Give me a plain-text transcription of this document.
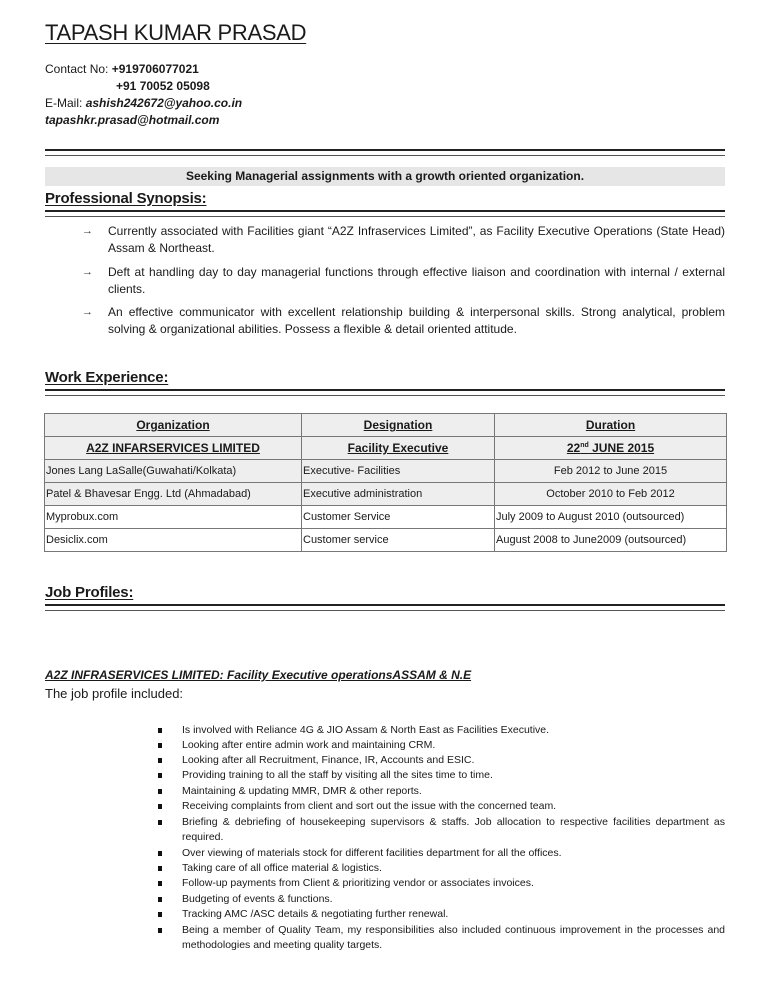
TAPASH KUMAR PRASAD
Contact No: +919706077021
+91 70052 05098
E-Mail: ashish242672@yahoo.co.in
tapashkr.prasad@hotmail.com
Seeking Managerial assignments with a growth oriented organization.
Professional Synopsis:
→ Currently associated with Facilities giant “A2Z Infraservices Limited”, as Facility Executive Operations (State Head) Assam & Northeast.
→ Deft at handling day to day managerial functions through effective liaison and coordination with internal / external clients.
→ An effective communicator with excellent relationship building & interpersonal skills. Strong analytical, problem solving & organizational abilities. Possess a flexible & detail oriented attitude.
Work Experience:
Organization	Designation	Duration
A2Z INFARSERVICES LIMITED	Facility Executive	22nd JUNE 2015
Jones Lang LaSalle(Guwahati/Kolkata)	Executive- Facilities	Feb 2012 to June 2015
Patel & Bhavesar Engg. Ltd (Ahmadabad)	Executive administration	October 2010 to Feb 2012
Myprobux.com	Customer Service	July 2009 to August 2010 (outsourced)
Desiclix.com	Customer service	August 2008 to June2009 (outsourced)
Job Profiles:
A2Z INFRASERVICES LIMITED: Facility Executive operationsASSAM & N.E
The job profile included:
Is involved with Reliance 4G & JIO Assam & North East as Facilities Executive.
Looking after entire admin work and maintaining CRM.
Looking after all Recruitment, Finance, IR, Accounts and ESIC.
Providing training to all the staff by visiting all the sites time to time.
Maintaining & updating MMR, DMR & other reports.
Receiving complaints from client and sort out the issue with the concerned team.
Briefing & debriefing of housekeeping supervisors & staffs. Job allocation to respective facilities department as required.
Over viewing of materials stock for different facilities department for all the offices.
Taking care of all office material & logistics.
Follow-up payments from Client & prioritizing vendor or associates invoices.
Budgeting of events & functions.
Tracking AMC /ASC details & negotiating further renewal.
Being a member of Quality Team, my responsibilities also included continuous improvement in the processes and methodologies and meeting quality targets.
